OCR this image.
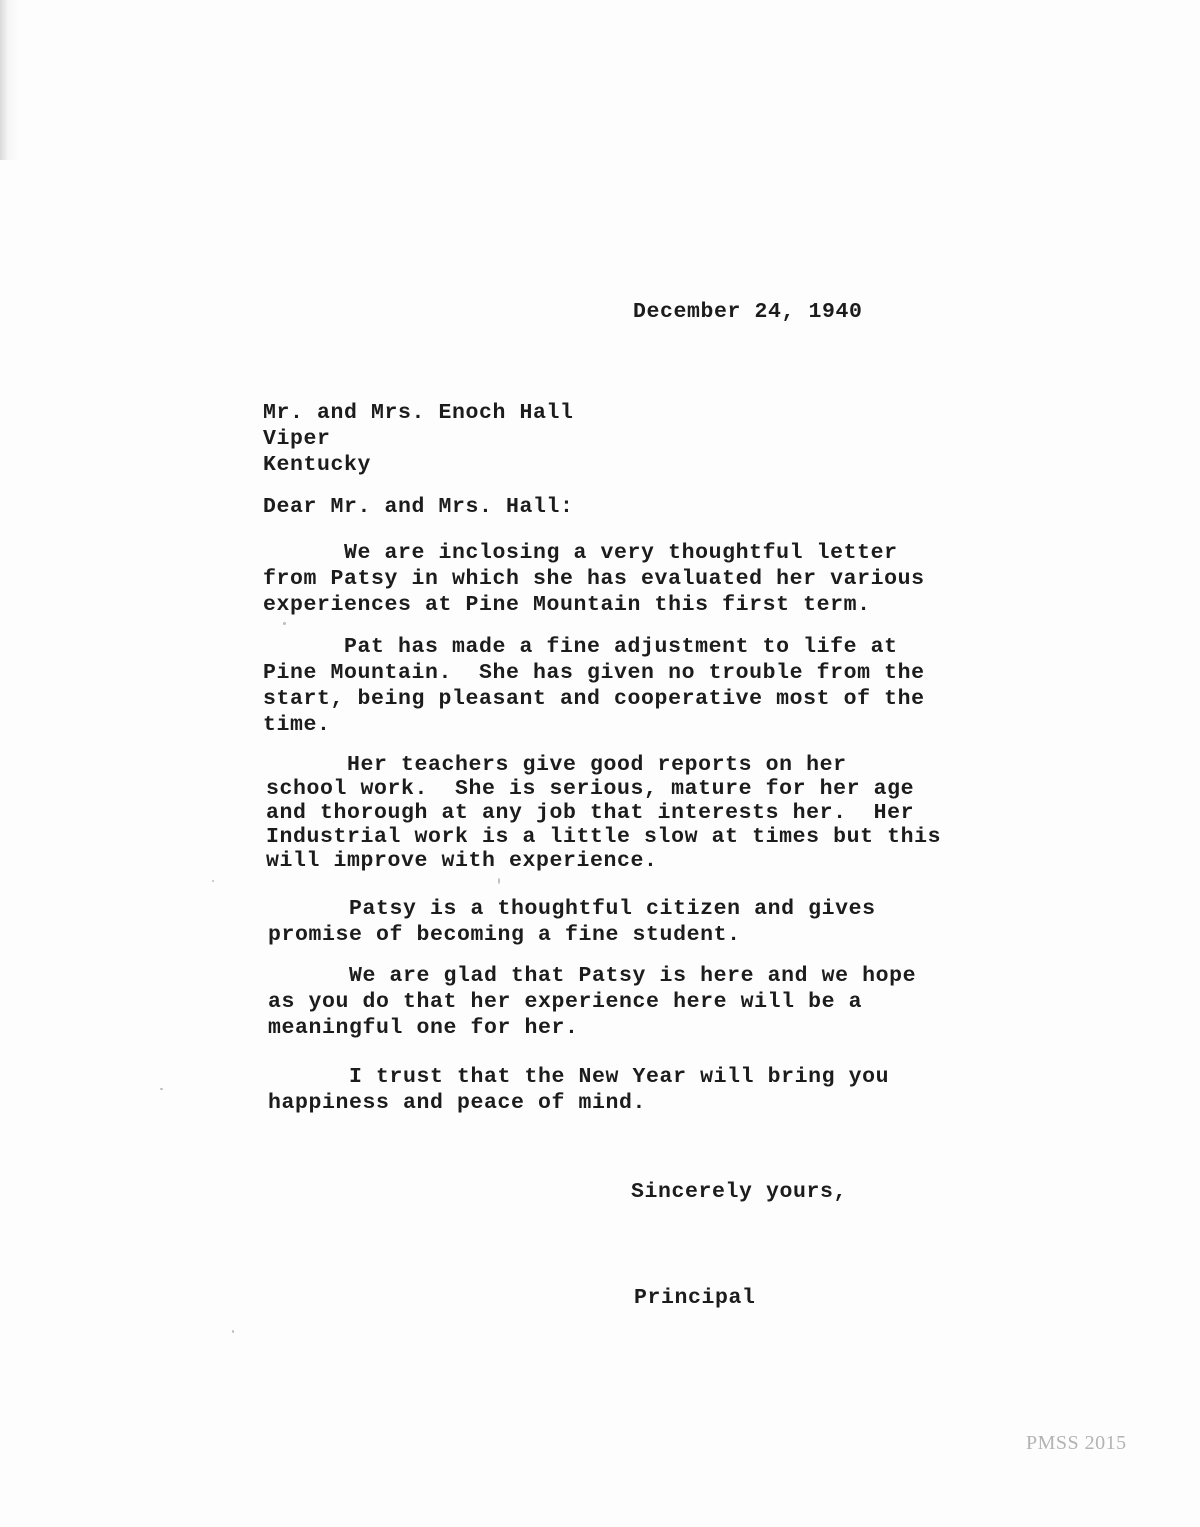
December 24, 1940
Mr. and Mrs. Enoch Hall
Viper
Kentucky
Dear Mr. and Mrs. Hall:
We are inclosing a very thoughtful letter
from Patsy in which she has evaluated her various
experiences at Pine Mountain this first term.
Pat has made a fine adjustment to life at
Pine Mountain.  She has given no trouble from the
start, being pleasant and cooperative most of the
time.
Her teachers give good reports on her
school work.  She is serious, mature for her age
and thorough at any job that interests her.  Her
Industrial work is a little slow at times but this
will improve with experience.
Patsy is a thoughtful citizen and gives
promise of becoming a fine student.
We are glad that Patsy is here and we hope
as you do that her experience here will be a
meaningful one for her.
I trust that the New Year will bring you
happiness and peace of mind.
Sincerely yours,
Principal
PMSS 2015
